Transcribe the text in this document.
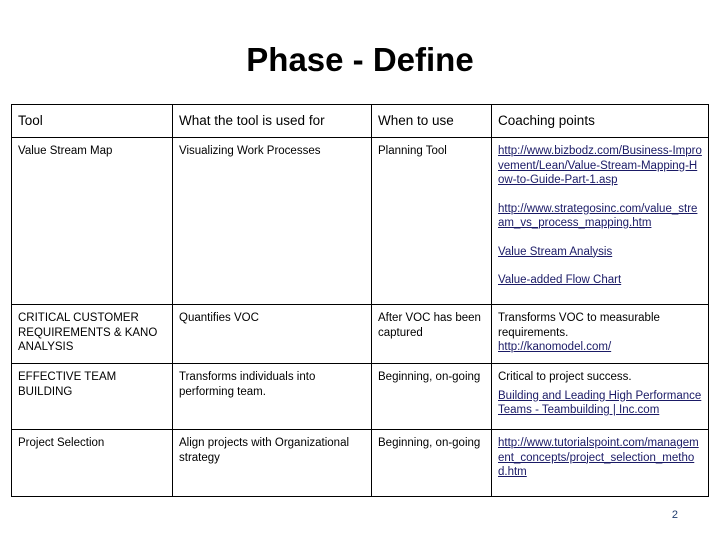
Phase - Define
Tool	What the tool is used for	When to use	Coaching points
Value Stream Map	Visualizing Work Processes	Planning Tool	http://www.bizbodz.com/Business-Improvement/Lean/Value-Stream-Mapping-How-to-Guide-Part-1.asp
http://www.strategosinc.com/value_stream_vs_process_mapping.htm
Value Stream Analysis
Value-added Flow Chart

CRITICAL CUSTOMER REQUIREMENTS & KANO ANALYSIS	Quantifies VOC	After VOC has been captured	Transforms VOC to measurable requirements.
http://kanomodel.com/

EFFECTIVE TEAM BUILDING	Transforms individuals into performing team.	Beginning, on-going	Critical to project success.
Building and Leading High Performance Teams - Teambuilding | Inc.com

Project Selection	Align projects with Organizational strategy	Beginning, on-going	http://www.tutorialspoint.com/management_concepts/project_selection_method.htm
2
